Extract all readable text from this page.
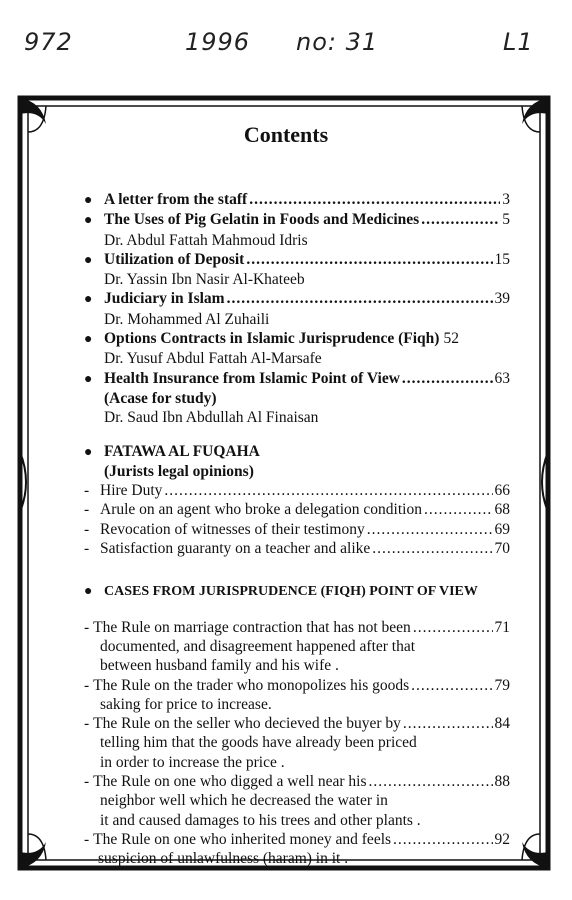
972	1996 no: 31	L1
Contents
● A letter from the staff .....	3
● The Uses of Pig Gelatin in Foods and Medicines .....	5
Dr. Abdul Fattah Mahmoud Idris
● Utilization of Deposit .....	15
Dr. Yassin Ibn Nasir Al-Khateeb
● Judiciary in Islam .....	39
Dr. Mohammed Al Zuhaili
● Options Contracts in Islamic Jurisprudence (Fiqh) 52
Dr. Yusuf Abdul Fattah Al-Marsafe
● Health Insurance from Islamic Point of View .....	63
(Acase for study)
Dr. Saud Ibn Abdullah Al Finaisan
● FATAWA AL FUQAHA
(Jurists legal opinions)
- Hire Duty .....	66
- Arule on an agent who broke a delegation condition .....	68
- Revocation of witnesses of their testimony .....	69
- Satisfaction guaranty on a teacher and alike .....	70
● CASES FROM JURISPRUDENCE (FIQH) POINT OF VIEW
- The Rule on marriage contraction that has not been .....	71
documented, and disagreement happened after that
between husband family and his wife .
- The Rule on the trader who monopolizes his goods .....	79
saking for price to increase.
- The Rule on the seller who decieved the buyer by .....	84
telling him that the goods have already been priced
in order to increase the price .
- The Rule on one who digged a well near his .....	88
neighbor well which he decreased the water in
it and caused damages to his trees and other plants .
- The Rule on one who inherited money and feels .....	92
suspicion of unlawfulness (haram) in it .
